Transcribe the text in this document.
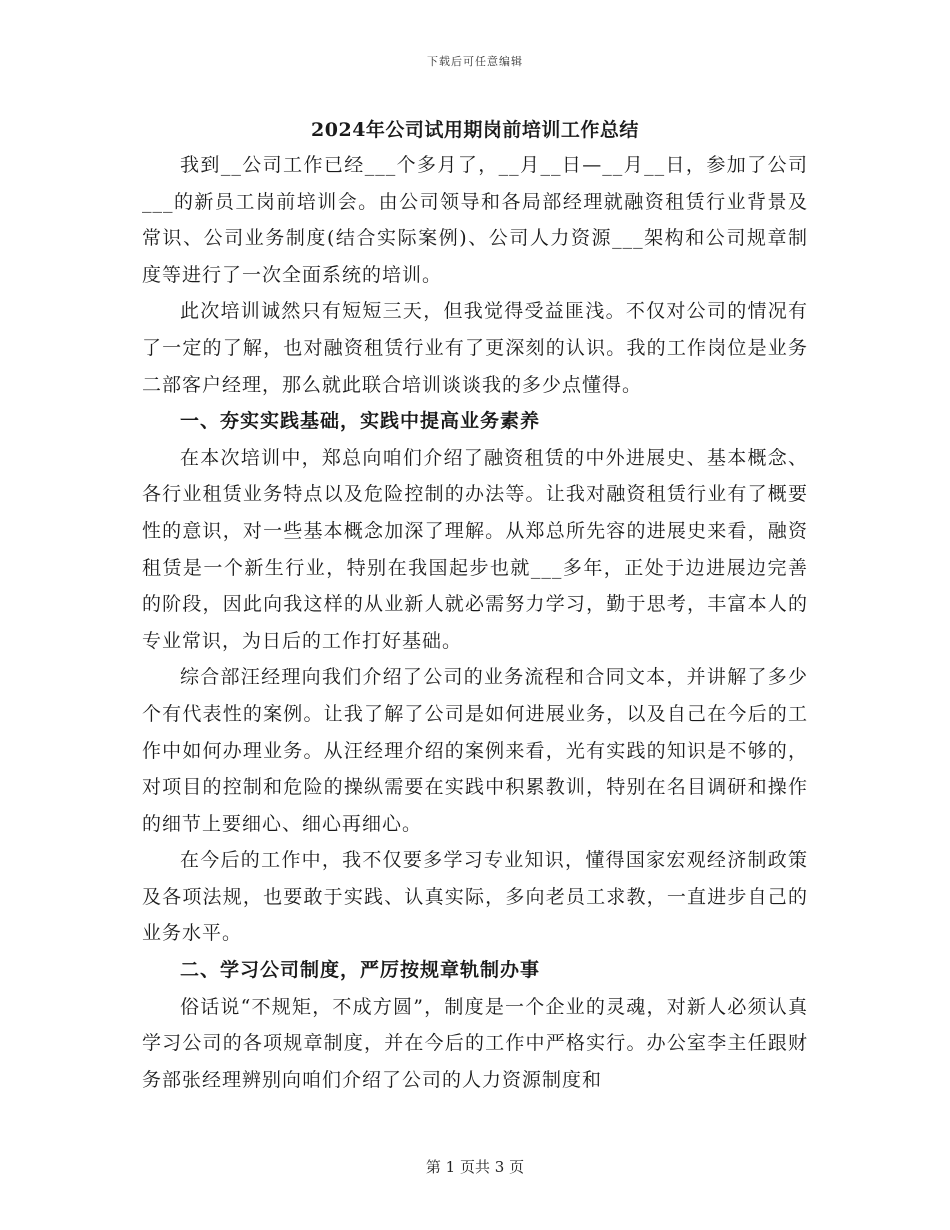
下载后可任意编辑
2024年公司试用期岗前培训工作总结

我到__公司工作已经___个多月了，__月__日—__月__日，参加了公司___的新员工岗前培训会。由公司领导和各局部经理就融资租赁行业背景及常识、公司业务制度(结合实际案例)、公司人力资源___架构和公司规章制度等进行了一次全面系统的培训。

此次培训诚然只有短短三天，但我觉得受益匪浅。不仅对公司的情况有了一定的了解，也对融资租赁行业有了更深刻的认识。我的工作岗位是业务二部客户经理，那么就此联合培训谈谈我的多少点懂得。

一、夯实实践基础，实践中提高业务素养

在本次培训中，郑总向咱们介绍了融资租赁的中外进展史、基本概念、各行业租赁业务特点以及危险控制的办法等。让我对融资租赁行业有了概要性的意识，对一些基本概念加深了理解。从郑总所先容的进展史来看，融资租赁是一个新生行业，特别在我国起步也就___多年，正处于边进展边完善的阶段，因此向我这样的从业新人就必需努力学习，勤于思考，丰富本人的专业常识，为日后的工作打好基础。

综合部汪经理向我们介绍了公司的业务流程和合同文本，并讲解了多少个有代表性的案例。让我了解了公司是如何进展业务，以及自己在今后的工作中如何办理业务。从汪经理介绍的案例来看，光有实践的知识是不够的，对项目的控制和危险的操纵需要在实践中积累教训，特别在名目调研和操作的细节上要细心、细心再细心。

在今后的工作中，我不仅要多学习专业知识，懂得国家宏观经济制政策及各项法规，也要敢于实践、认真实际，多向老员工求教，一直进步自己的业务水平。

二、学习公司制度，严厉按规章轨制办事

俗话说“不规矩，不成方圆”，制度是一个企业的灵魂，对新人必须认真学习公司的各项规章制度，并在今后的工作中严格实行。办公室李主任跟财务部张经理辨别向咱们介绍了公司的人力资源制度和

第 1 页共 3 页
